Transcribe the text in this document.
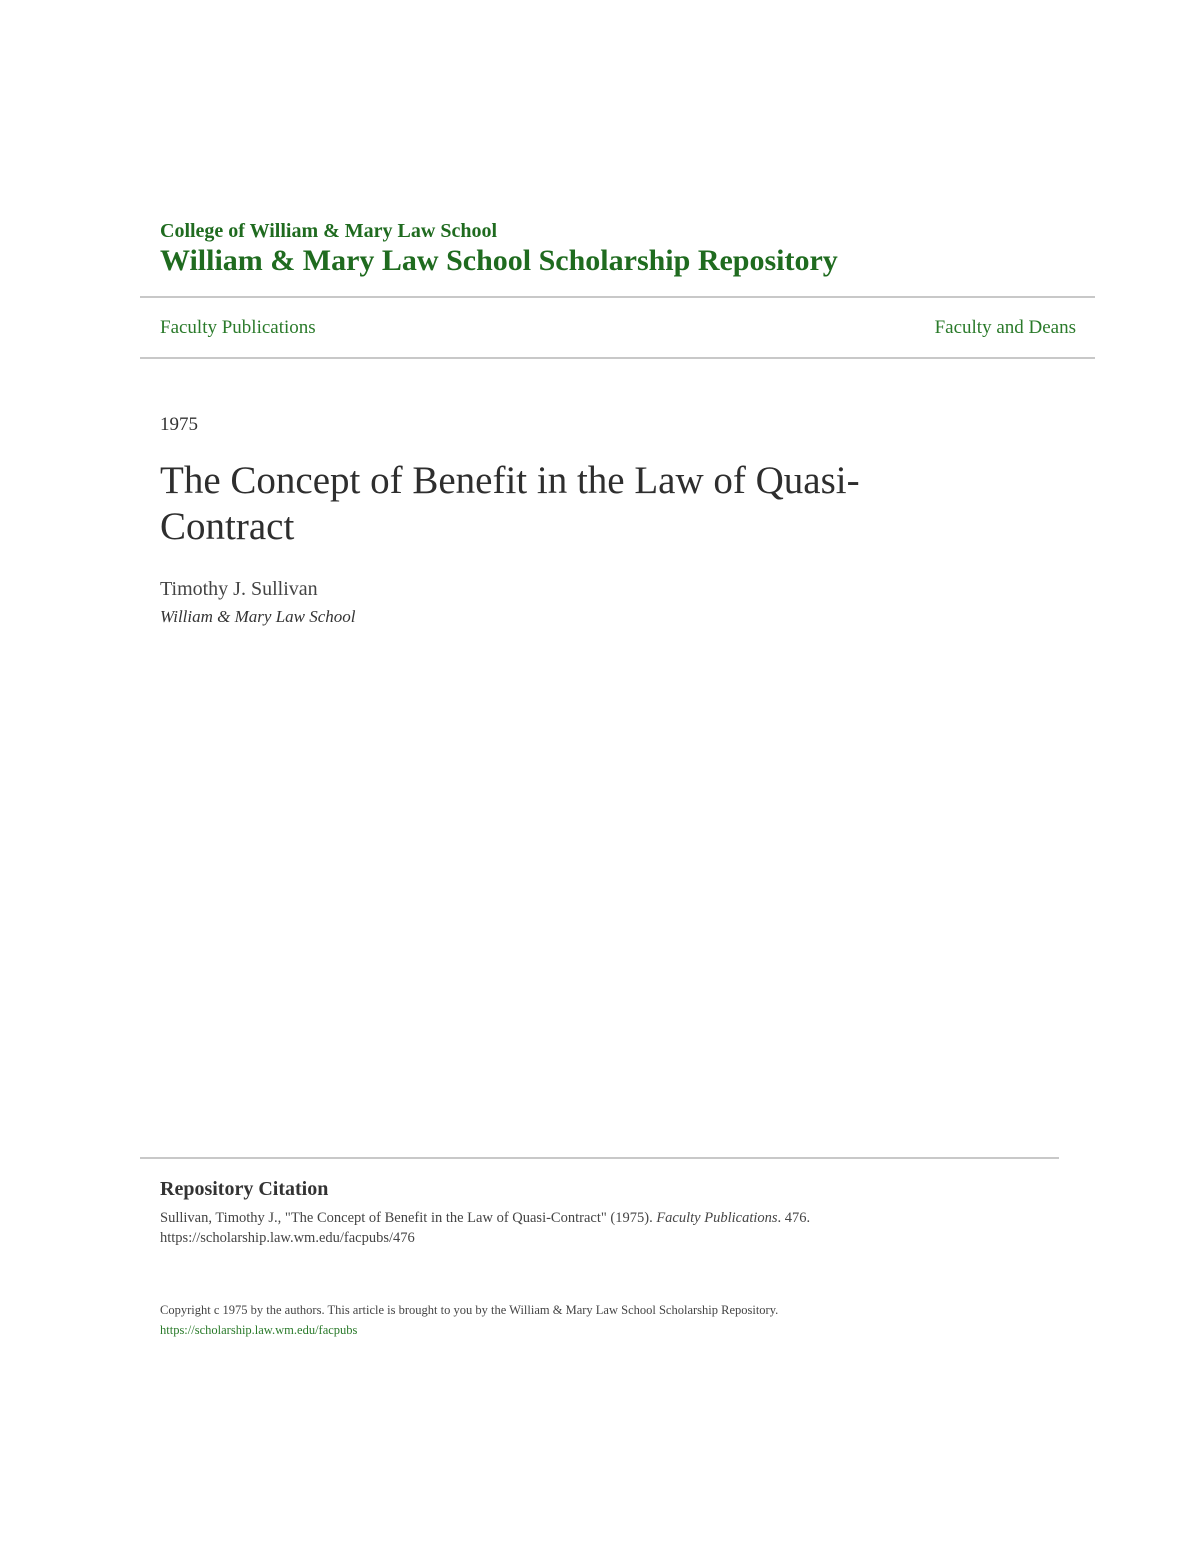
College of William & Mary Law School
William & Mary Law School Scholarship Repository
Faculty Publications	Faculty and Deans
1975
The Concept of Benefit in the Law of Quasi-Contract
Timothy J. Sullivan
William & Mary Law School
Repository Citation
Sullivan, Timothy J., "The Concept of Benefit in the Law of Quasi-Contract" (1975). Faculty Publications. 476.
https://scholarship.law.wm.edu/facpubs/476
Copyright c 1975 by the authors. This article is brought to you by the William & Mary Law School Scholarship Repository.
https://scholarship.law.wm.edu/facpubs
